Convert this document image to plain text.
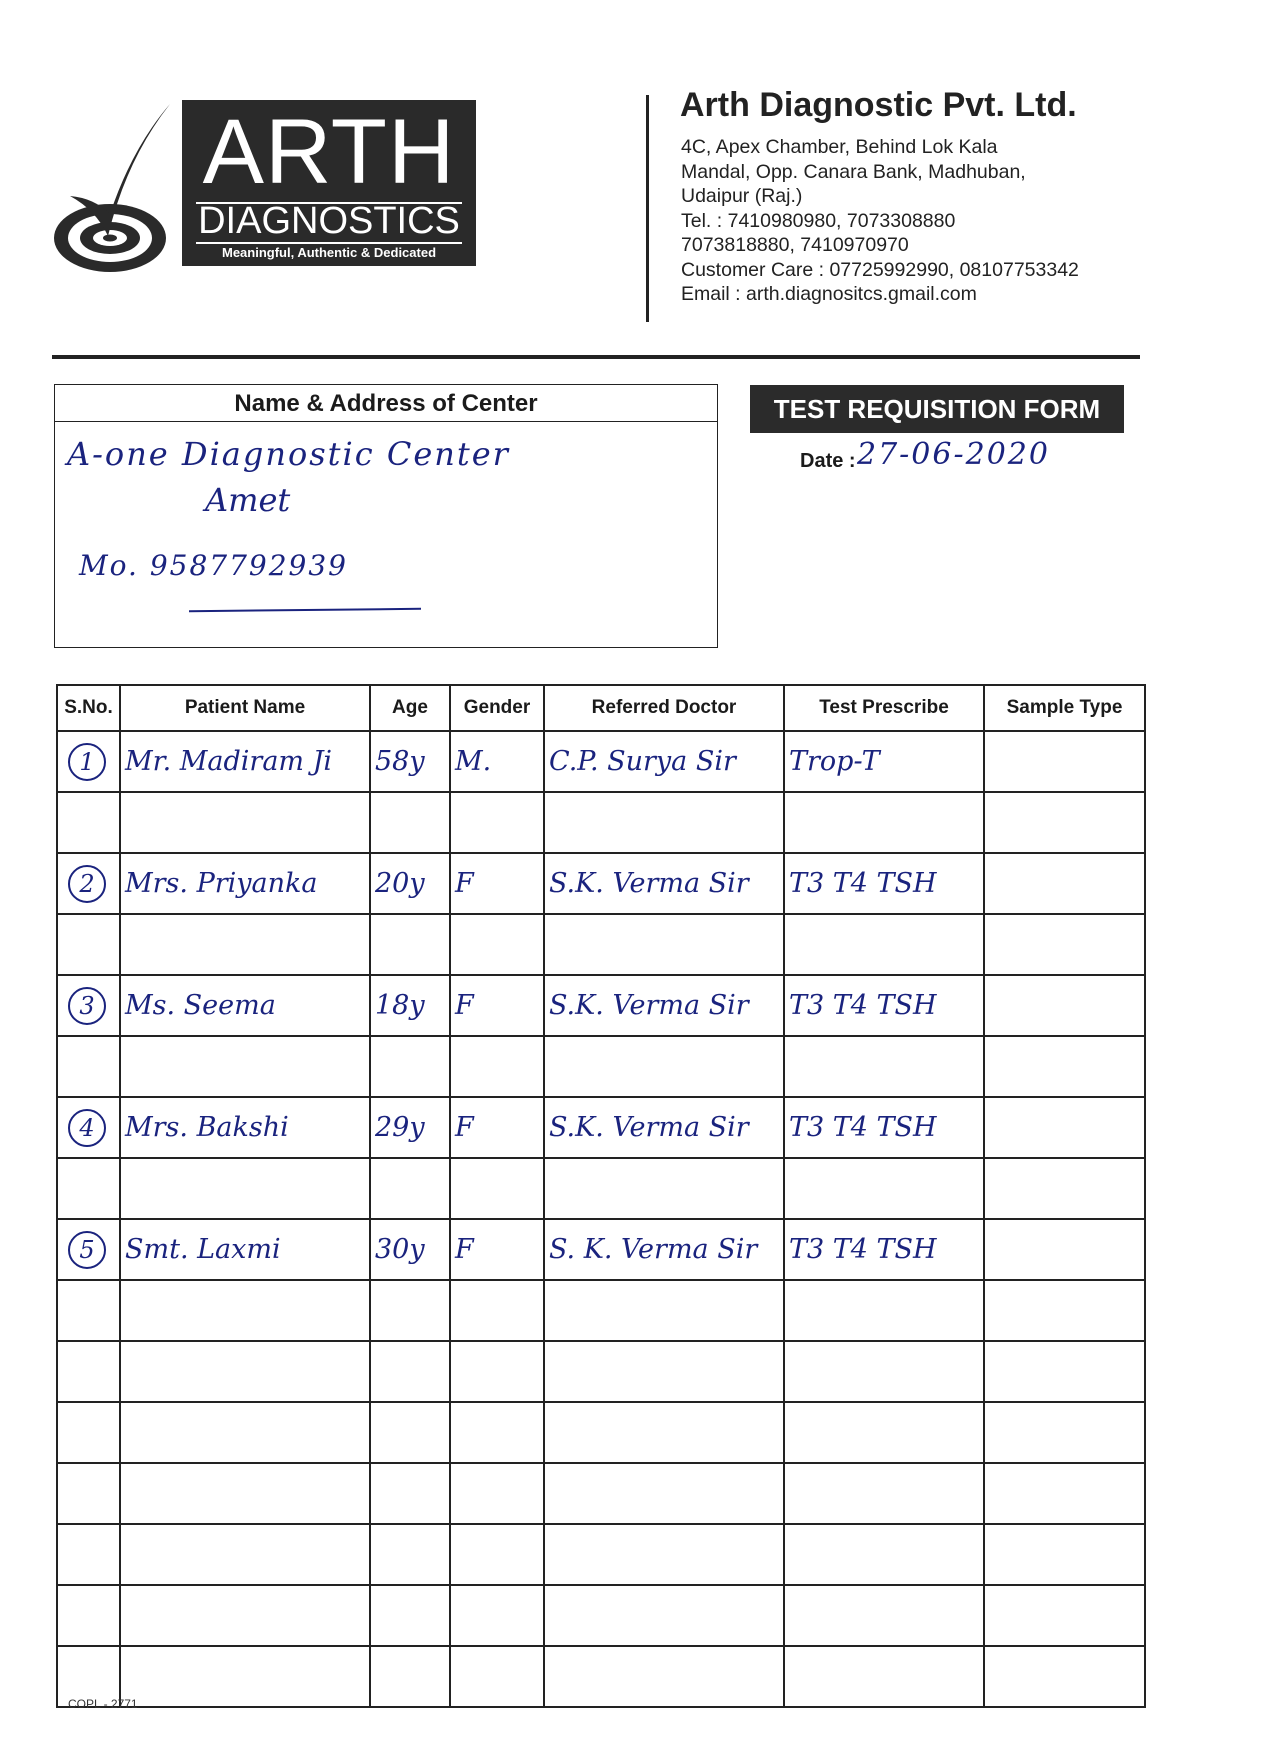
ARTH
DIAGNOSTICS
Meaningful, Authentic & Dedicated
Arth Diagnostic Pvt. Ltd.
4C, Apex Chamber, Behind Lok Kala
Mandal, Opp. Canara Bank, Madhuban,
Udaipur (Raj.)
Tel. : 7410980980, 7073308880
7073818880, 7410970970
Customer Care : 07725992990, 08107753342
Email : arth.diagnositcs.gmail.com
Name & Address of Center
A-one Diagnostic Center
Amet
Mo. 9587792939
TEST REQUISITION FORM
Date : 27-06-2020
S.No.	Patient Name	Age	Gender	Referred Doctor	Test Prescribe	Sample Type
1	Mr. Madiram Ji	58y	M.	C.P. Surya Sir	Trop-T	

2	Mrs. Priyanka	20y	F	S.K. Verma Sir	T3 T4 TSH	

3	Ms. Seema	18y	F	S.K. Verma Sir	T3 T4 TSH	

4	Mrs. Bakshi	29y	F	S.K. Verma Sir	T3 T4 TSH	

5	Smt. Laxmi	30y	F	S. K. Verma Sir	T3 T4 TSH	

COPL - 2771
